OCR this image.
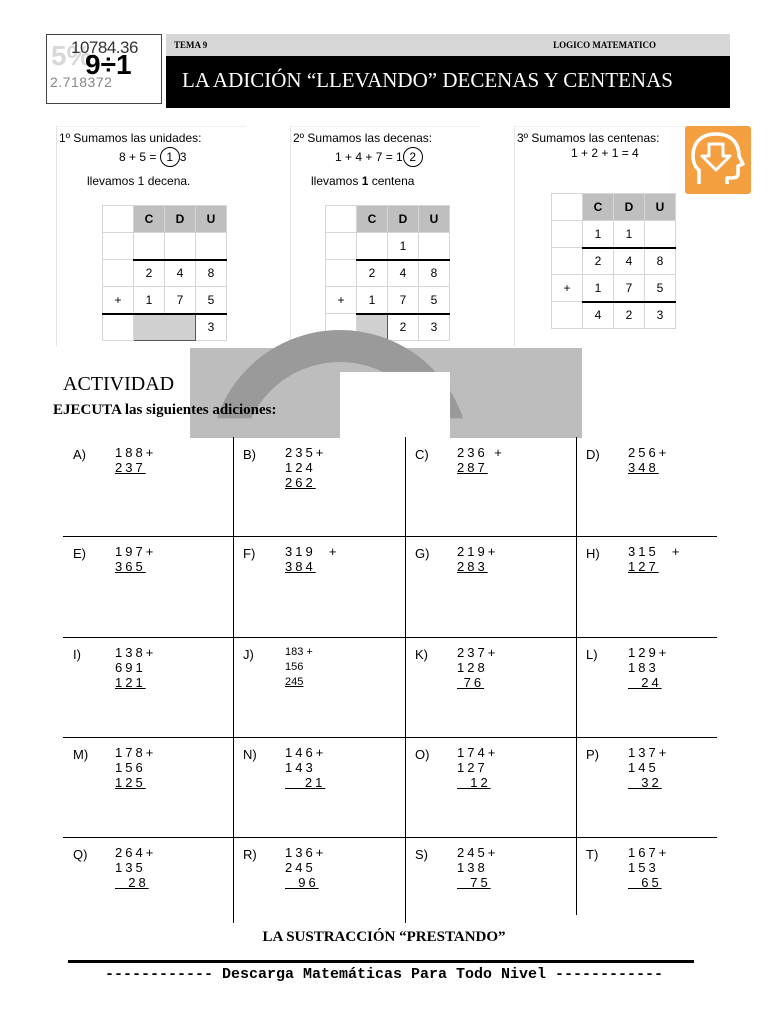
5%
10784.36
9÷1
2.718372
TEMA 9	LOGICO MATEMATICO
LA ADICIÓN “LLEVANDO” DECENAS Y CENTENAS
1º Sumamos las unidades:
8 + 5 = 1 3
llevamos 1 decena.
	C	D	U

	2	4	8
+	1	7	5
			3
2º Sumamos las decenas:
1 + 4 + 7 = 1 2
llevamos 1 centena
	C	D	U
		1	
	2	4	8
+	1	7	5
		2	3
3º Sumamos las centenas:
1 + 2 + 1 = 4
	C	D	U
	1	1	
	2	4	8
+	1	7	5
	4	2	3
ACTIVIDAD
EJECUTA las siguientes adiciones:
A) 188+
237
B) 235+
124
262
C) 236 +
287
D) 256+
348
E) 197+
365
F) 319  +
384
G) 219+
283
H) 315  +
127
I)	138+
691
121
J)	183 +
156
245
K) 237+
128
76
L) 129+
183
24
M) 178+
156
125
N) 146+
143
21
O) 174+
127
12
P) 137+
145
32
Q) 264+
135
28
R) 136+
245
96
S) 245+
138
75
T) 167+
153
65
LA SUSTRACCIÓN “PRESTANDO”
------------ Descarga Matemáticas Para Todo Nivel ------------
